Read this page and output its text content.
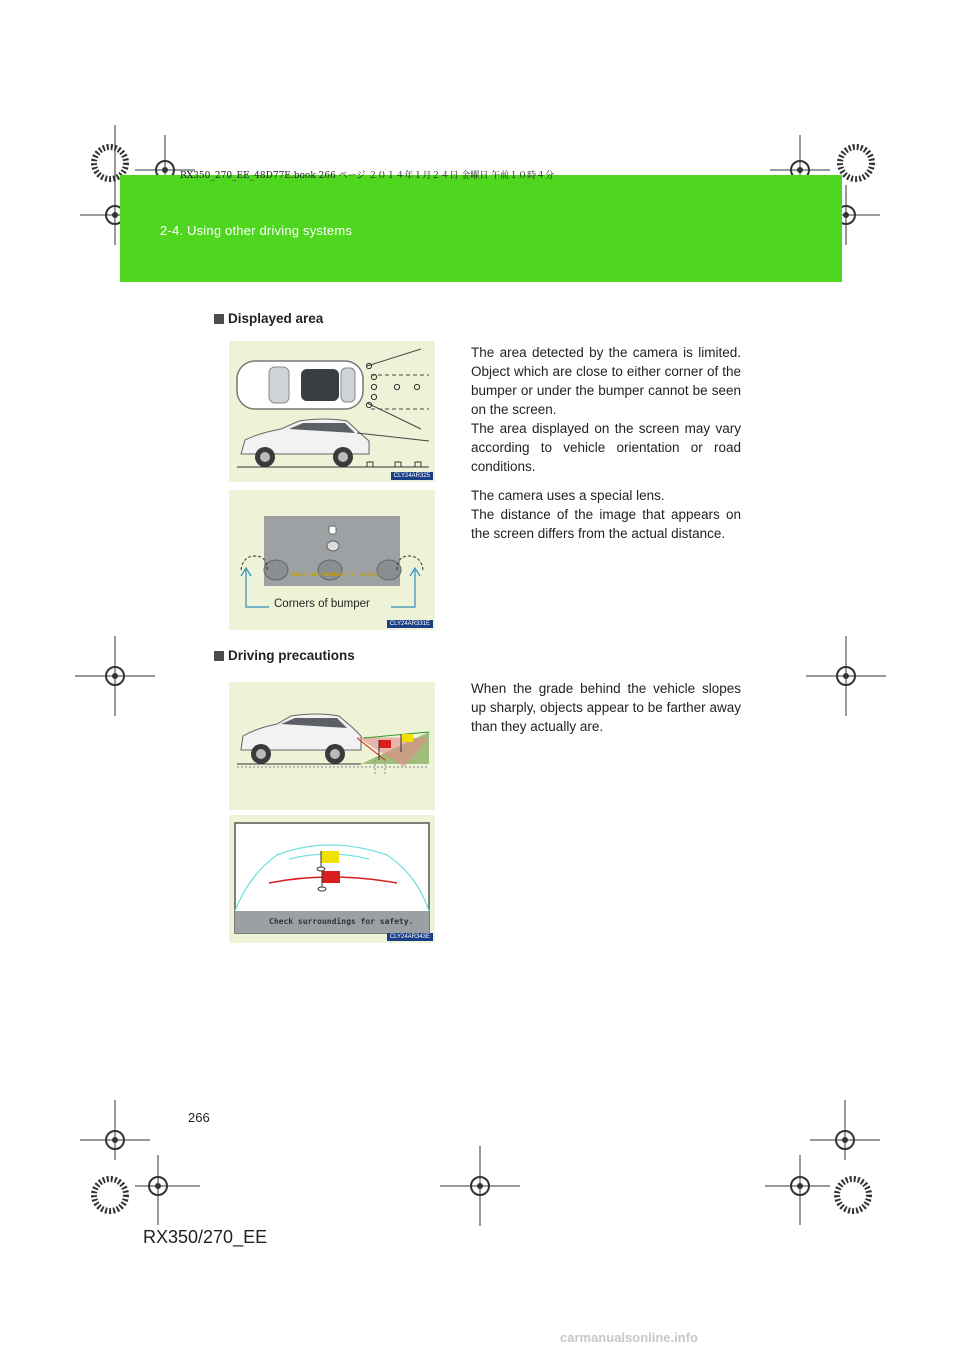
RX350_270_EE_48D77E.book 266 ページ ２０１４年１月２４日 金曜日 午前１０時４分
2-4. Using other driving systems
Displayed area

The area detected by the camera is limited. Object which are close to either corner of the bumper or under the bumper cannot be seen on the screen.
The area displayed on the screen may vary according to vehicle orientation or road conditions.

The camera uses a special lens.
The distance of the image that appears on the screen differs from the actual distance.

CLY24AR325
Check surroundings for safety.
Corners of bumper
CLY24AR331E
Driving precautions

When the grade behind the vehicle slopes up sharply, objects appear to be farther away than they actually are.

Check surroundings for safety.
CLY24AR343E
266
RX350/270_EE
carmanualsonline.info
